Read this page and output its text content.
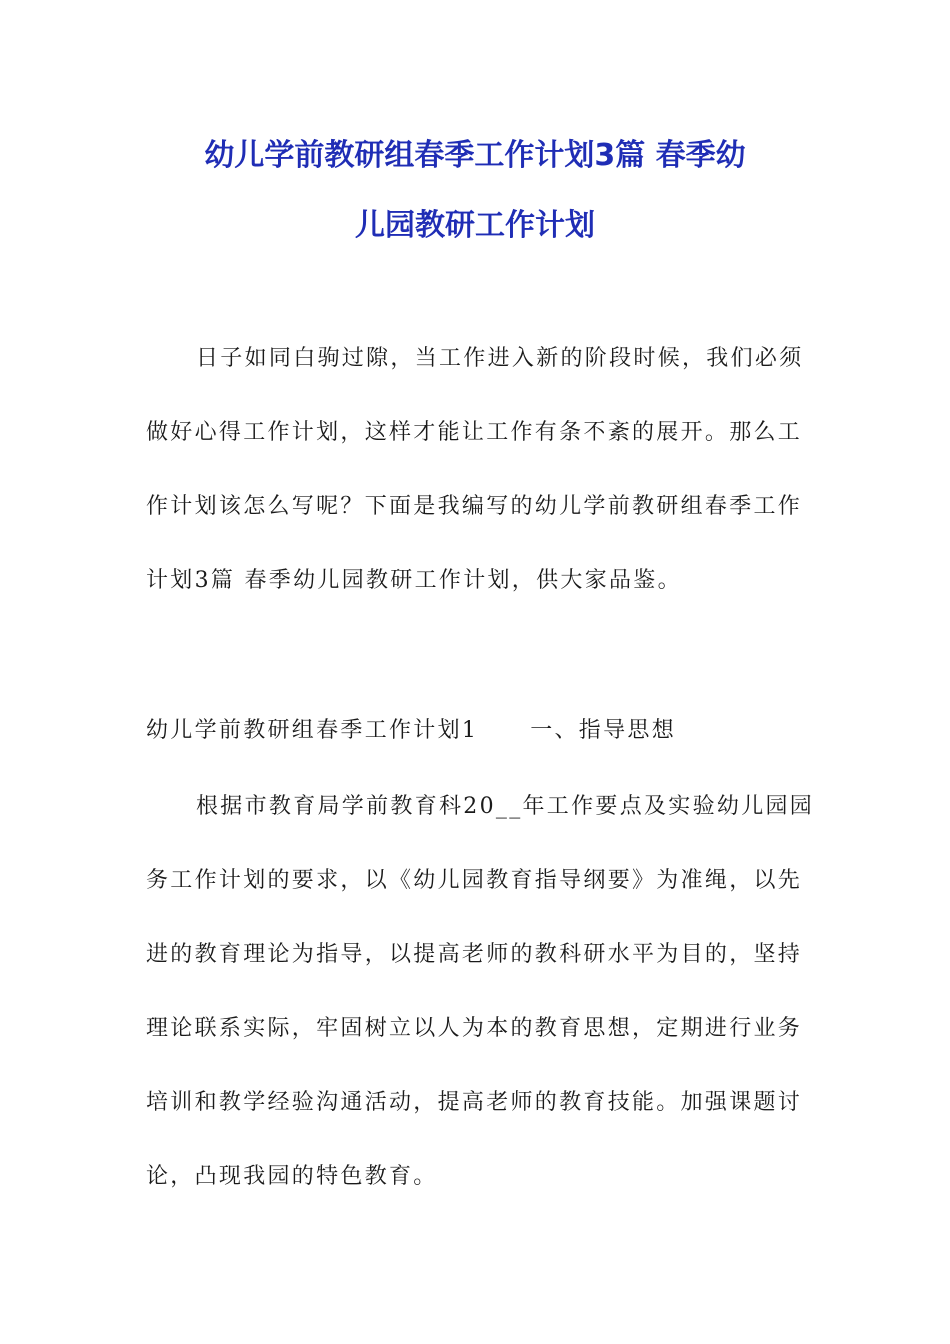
幼儿学前教研组春季工作计划3篇 春季幼
儿园教研工作计划
日子如同白驹过隙，当工作进入新的阶段时候，我们必须
做好心得工作计划，这样才能让工作有条不紊的展开。那么工
作计划该怎么写呢？下面是我编写的幼儿学前教研组春季工作
计划3篇 春季幼儿园教研工作计划，供大家品鉴。
幼儿学前教研组春季工作计划1 一、指导思想
根据市教育局学前教育科20__年工作要点及实验幼儿园园
务工作计划的要求，以《幼儿园教育指导纲要》为准绳，以先
进的教育理论为指导，以提高老师的教科研水平为目的，坚持
理论联系实际，牢固树立以人为本的教育思想，定期进行业务
培训和教学经验沟通活动，提高老师的教育技能。加强课题讨
论，凸现我园的特色教育。
